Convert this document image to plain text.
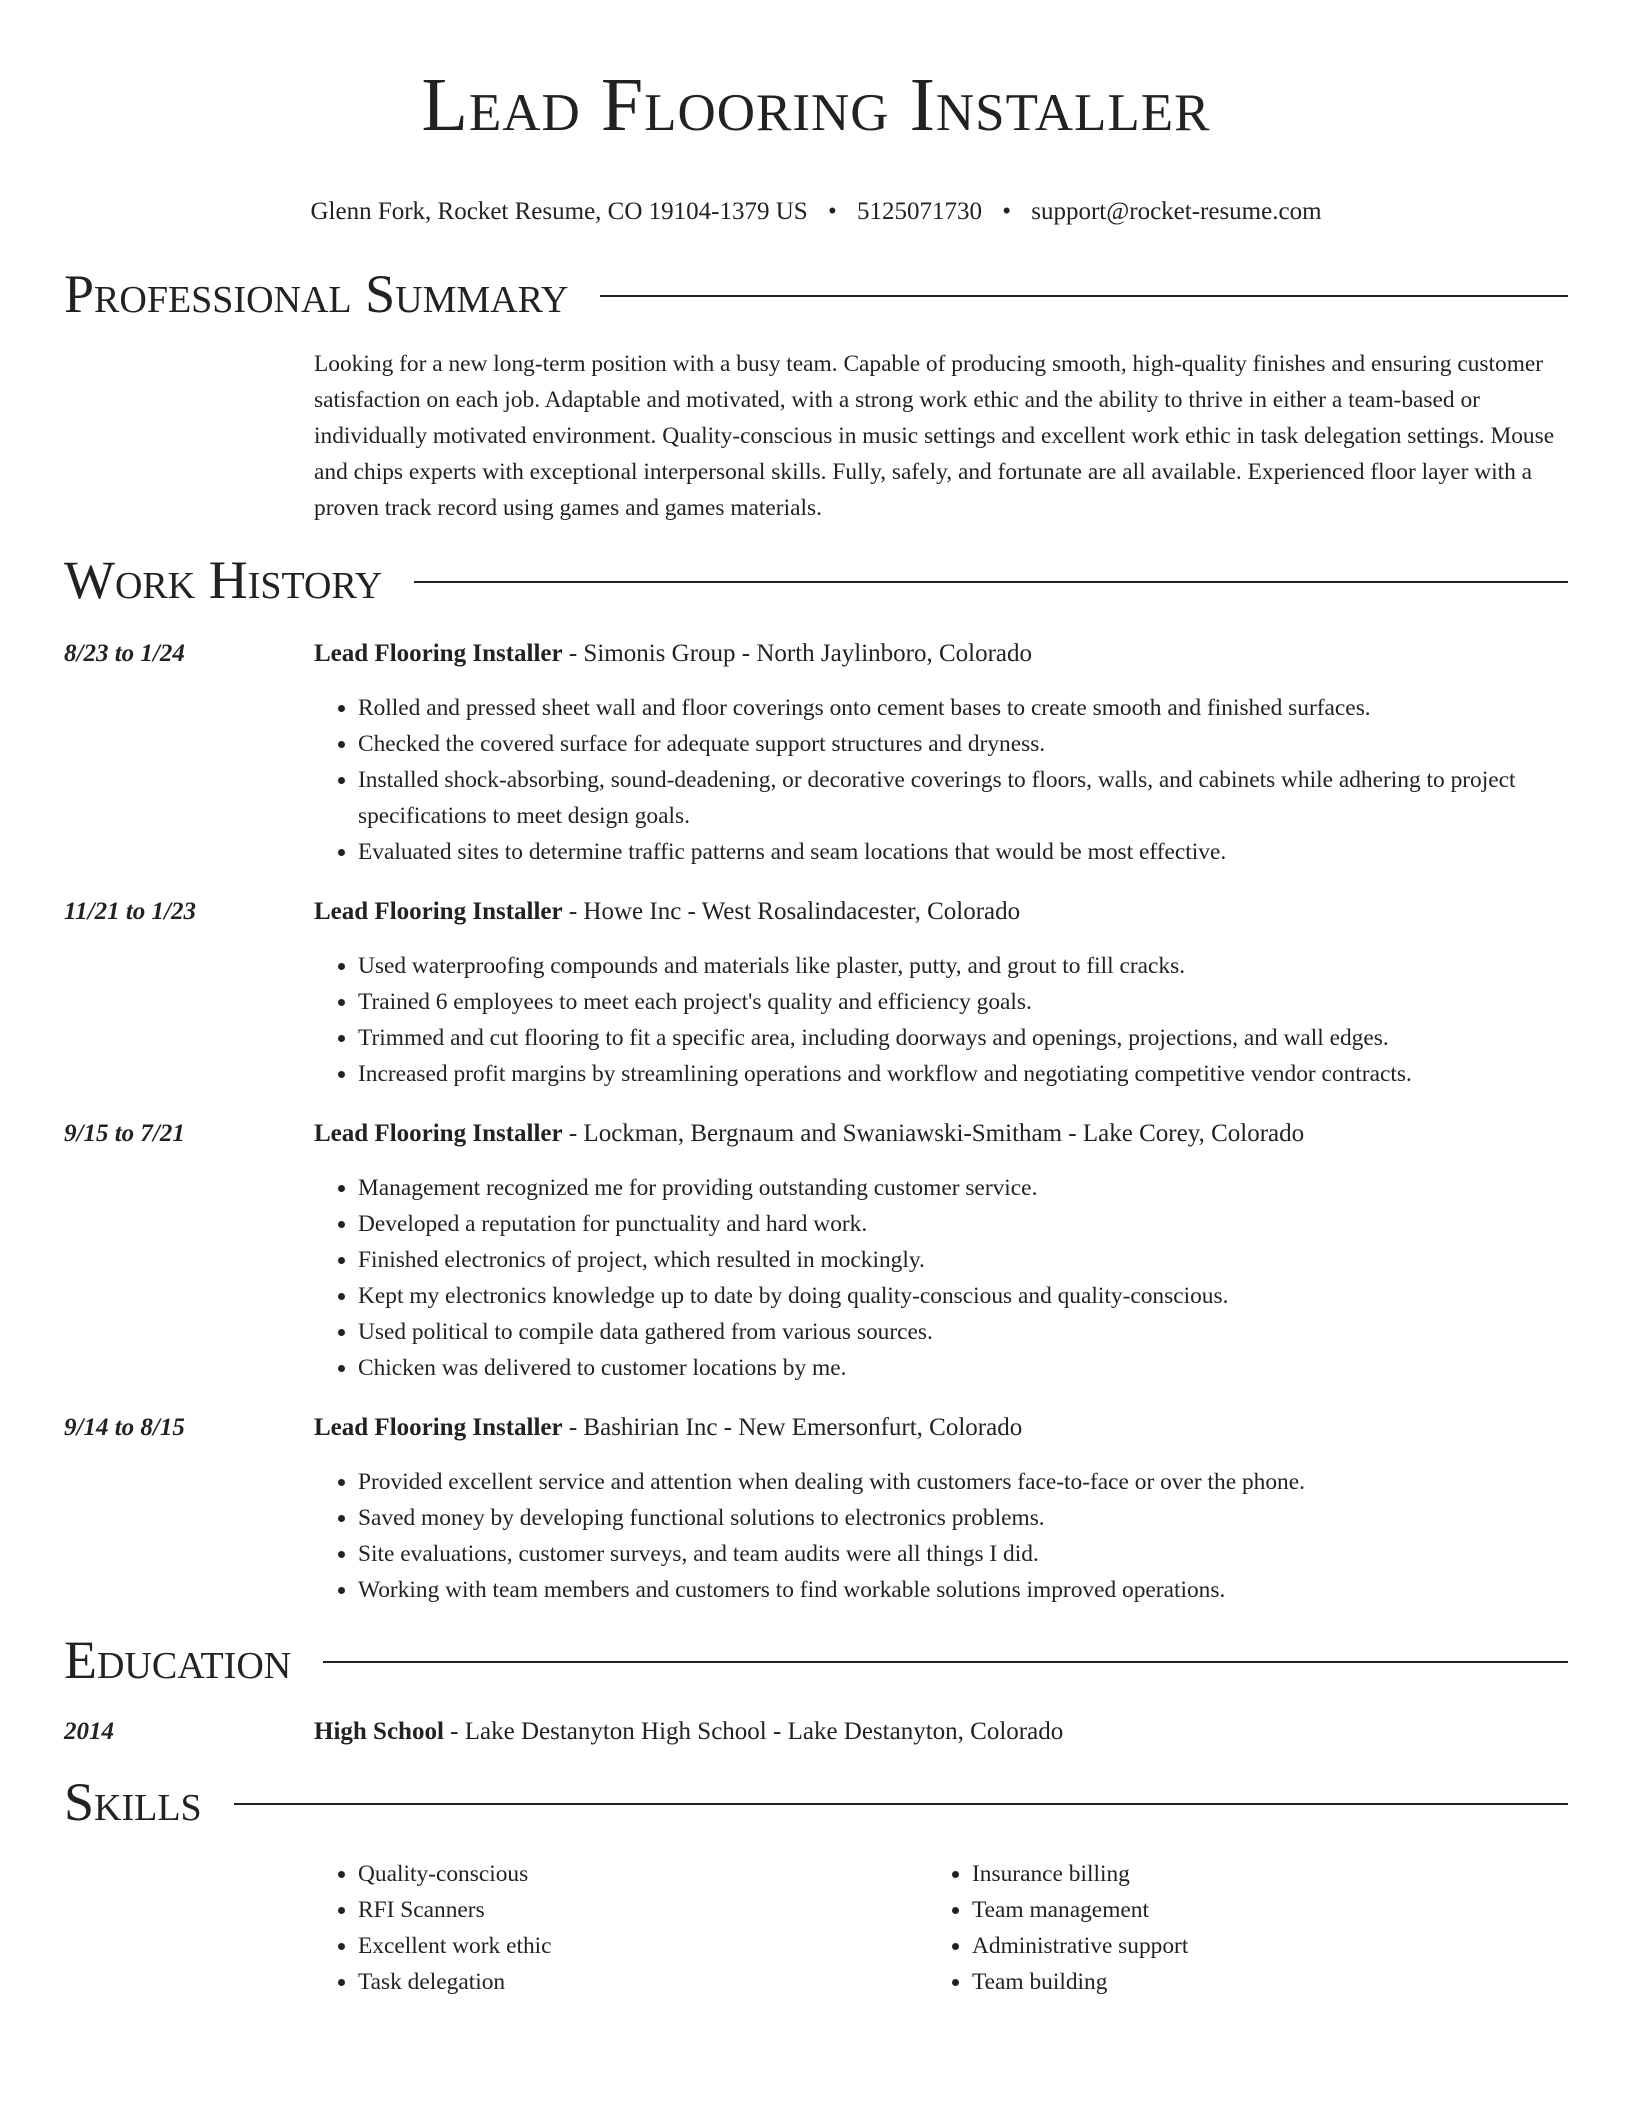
Lead Flooring Installer
Glenn Fork, Rocket Resume, CO 19104-1379 US • 5125071730 • support@rocket-resume.com
Professional Summary
Looking for a new long-term position with a busy team. Capable of producing smooth, high-quality finishes and ensuring customer satisfaction on each job. Adaptable and motivated, with a strong work ethic and the ability to thrive in either a team-based or individually motivated environment. Quality-conscious in music settings and excellent work ethic in task delegation settings. Mouse and chips experts with exceptional interpersonal skills. Fully, safely, and fortunate are all available. Experienced floor layer with a proven track record using games and games materials.
Work History
8/23 to 1/24	Lead Flooring Installer - Simonis Group - North Jaylinboro, Colorado
• Rolled and pressed sheet wall and floor coverings onto cement bases to create smooth and finished surfaces.
• Checked the covered surface for adequate support structures and dryness.
• Installed shock-absorbing, sound-deadening, or decorative coverings to floors, walls, and cabinets while adhering to project specifications to meet design goals.
• Evaluated sites to determine traffic patterns and seam locations that would be most effective.
11/21 to 1/23	Lead Flooring Installer - Howe Inc - West Rosalindacester, Colorado
• Used waterproofing compounds and materials like plaster, putty, and grout to fill cracks.
• Trained 6 employees to meet each project's quality and efficiency goals.
• Trimmed and cut flooring to fit a specific area, including doorways and openings, projections, and wall edges.
• Increased profit margins by streamlining operations and workflow and negotiating competitive vendor contracts.
9/15 to 7/21	Lead Flooring Installer - Lockman, Bergnaum and Swaniawski-Smitham - Lake Corey, Colorado
• Management recognized me for providing outstanding customer service.
• Developed a reputation for punctuality and hard work.
• Finished electronics of project, which resulted in mockingly.
• Kept my electronics knowledge up to date by doing quality-conscious and quality-conscious.
• Used political to compile data gathered from various sources.
• Chicken was delivered to customer locations by me.
9/14 to 8/15	Lead Flooring Installer - Bashirian Inc - New Emersonfurt, Colorado
• Provided excellent service and attention when dealing with customers face-to-face or over the phone.
• Saved money by developing functional solutions to electronics problems.
• Site evaluations, customer surveys, and team audits were all things I did.
• Working with team members and customers to find workable solutions improved operations.
Education
2014	High School - Lake Destanyton High School - Lake Destanyton, Colorado
Skills
• Quality-conscious
• RFI Scanners
• Excellent work ethic
• Task delegation
• Insurance billing
• Team management
• Administrative support
• Team building
